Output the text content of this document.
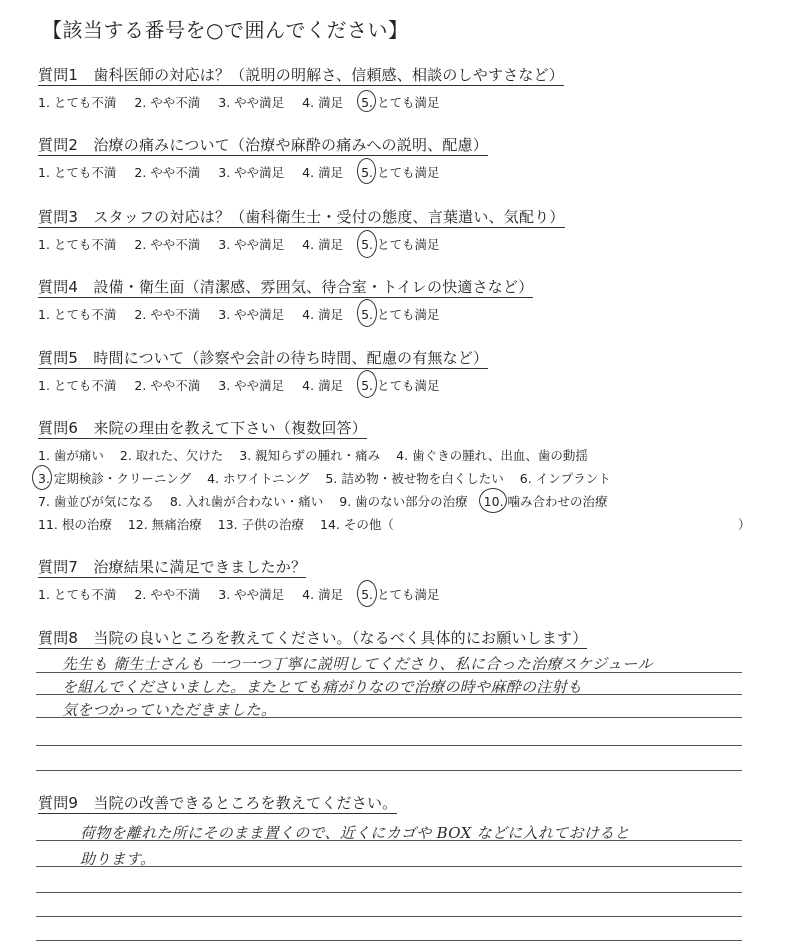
【該当する番号を○で囲んでください】
質問1　歯科医師の対応は？（説明の明解さ、信頼感、相談のしやすさなど）
1. とても不満 2. やや不満 3. やや満足 4. 満足 5. とても満足
質問2　治療の痛みについて（治療や麻酔の痛みへの説明、配慮）
1. とても不満 2. やや不満 3. やや満足 4. 満足 5. とても満足
質問3　スタッフの対応は？（歯科衛生士・受付の態度、言葉遣い、気配り）
1. とても不満 2. やや不満 3. やや満足 4. 満足 5. とても満足
質問4　設備・衛生面（清潔感、雰囲気、待合室・トイレの快適さなど）
1. とても不満 2. やや不満 3. やや満足 4. 満足 5. とても満足
質問5　時間について（診察や会計の待ち時間、配慮の有無など）
1. とても不満 2. やや不満 3. やや満足 4. 満足 5. とても満足
質問6　来院の理由を教えて下さい（複数回答）
1. 歯が痛い 2. 取れた、欠けた 3. 親知らずの腫れ・痛み 4. 歯ぐきの腫れ、出血、歯の動揺
3. 定期検診・クリーニング 4. ホワイトニング 5. 詰め物・被せ物を白くしたい 6. インプラント
7. 歯並びが気になる 8. 入れ歯が合わない・痛い 9. 歯のない部分の治療 10. 噛み合わせの治療
11. 根の治療 12. 無痛治療 13. 子供の治療 14. その他（	）
質問7　治療結果に満足できましたか？
1. とても不満 2. やや不満 3. やや満足 4. 満足 5. とても満足
質問8　当院の良いところを教えてください。（なるべく具体的にお願いします）
先生も 衛生士さんも 一つ一つ丁寧に説明してくださり、私に合った治療スケジュール
を組んでくださいました。またとても痛がりなので治療の時や麻酔の注射も
気をつかっていただきました。
質問9　当院の改善できるところを教えてください。
荷物を離れた所にそのまま置くので、近くにカゴや BOX などに入れておけると
助ります。
